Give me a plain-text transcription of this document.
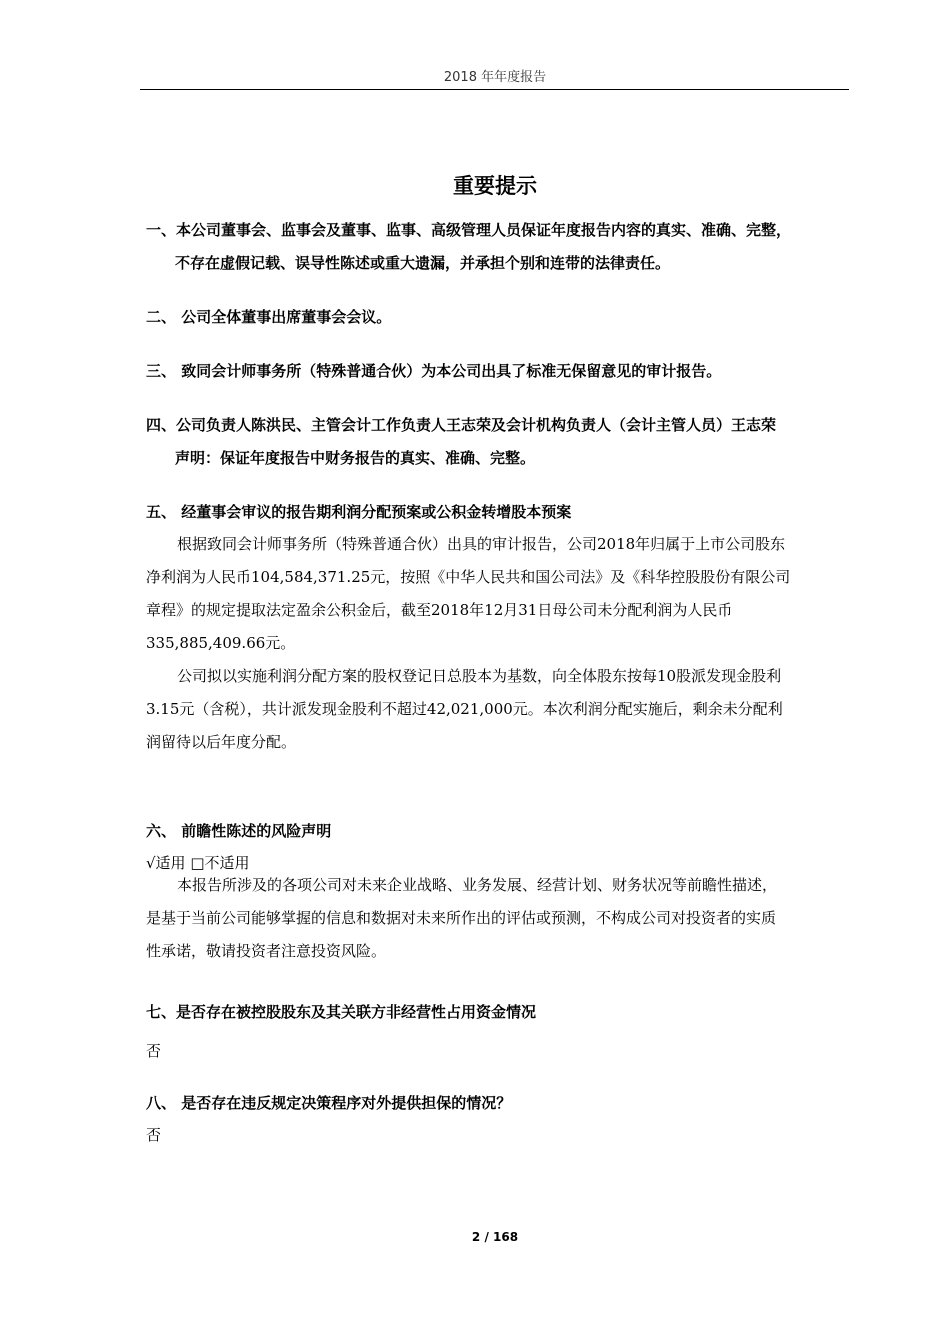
2018 年年度报告
重要提示
一、本公司董事会、监事会及董事、监事、高级管理人员保证年度报告内容的真实、准确、完整，
不存在虚假记载、误导性陈述或重大遗漏，并承担个别和连带的法律责任。
二、 公司全体董事出席董事会会议。
三、 致同会计师事务所（特殊普通合伙）为本公司出具了标准无保留意见的审计报告。
四、公司负责人陈洪民、主管会计工作负责人王志荣及会计机构负责人（会计主管人员）王志荣
声明：保证年度报告中财务报告的真实、准确、完整。
五、 经董事会审议的报告期利润分配预案或公积金转增股本预案
根据致同会计师事务所（特殊普通合伙）出具的审计报告，公司2018年归属于上市公司股东
净利润为人民币104,584,371.25元，按照《中华人民共和国公司法》及《科华控股股份有限公司
章程》的规定提取法定盈余公积金后，截至2018年12月31日母公司未分配利润为人民币
335,885,409.66元。
公司拟以实施利润分配方案的股权登记日总股本为基数，向全体股东按每10股派发现金股利
3.15元（含税），共计派发现金股利不超过42,021,000元。本次利润分配实施后，剩余未分配利
润留待以后年度分配。
六、 前瞻性陈述的风险声明
√适用 □不适用
本报告所涉及的各项公司对未来企业战略、业务发展、经营计划、财务状况等前瞻性描述，
是基于当前公司能够掌握的信息和数据对未来所作出的评估或预测，不构成公司对投资者的实质
性承诺，敬请投资者注意投资风险。
七、是否存在被控股股东及其关联方非经营性占用资金情况
否
八、 是否存在违反规定决策程序对外提供担保的情况？
否
2 / 168
